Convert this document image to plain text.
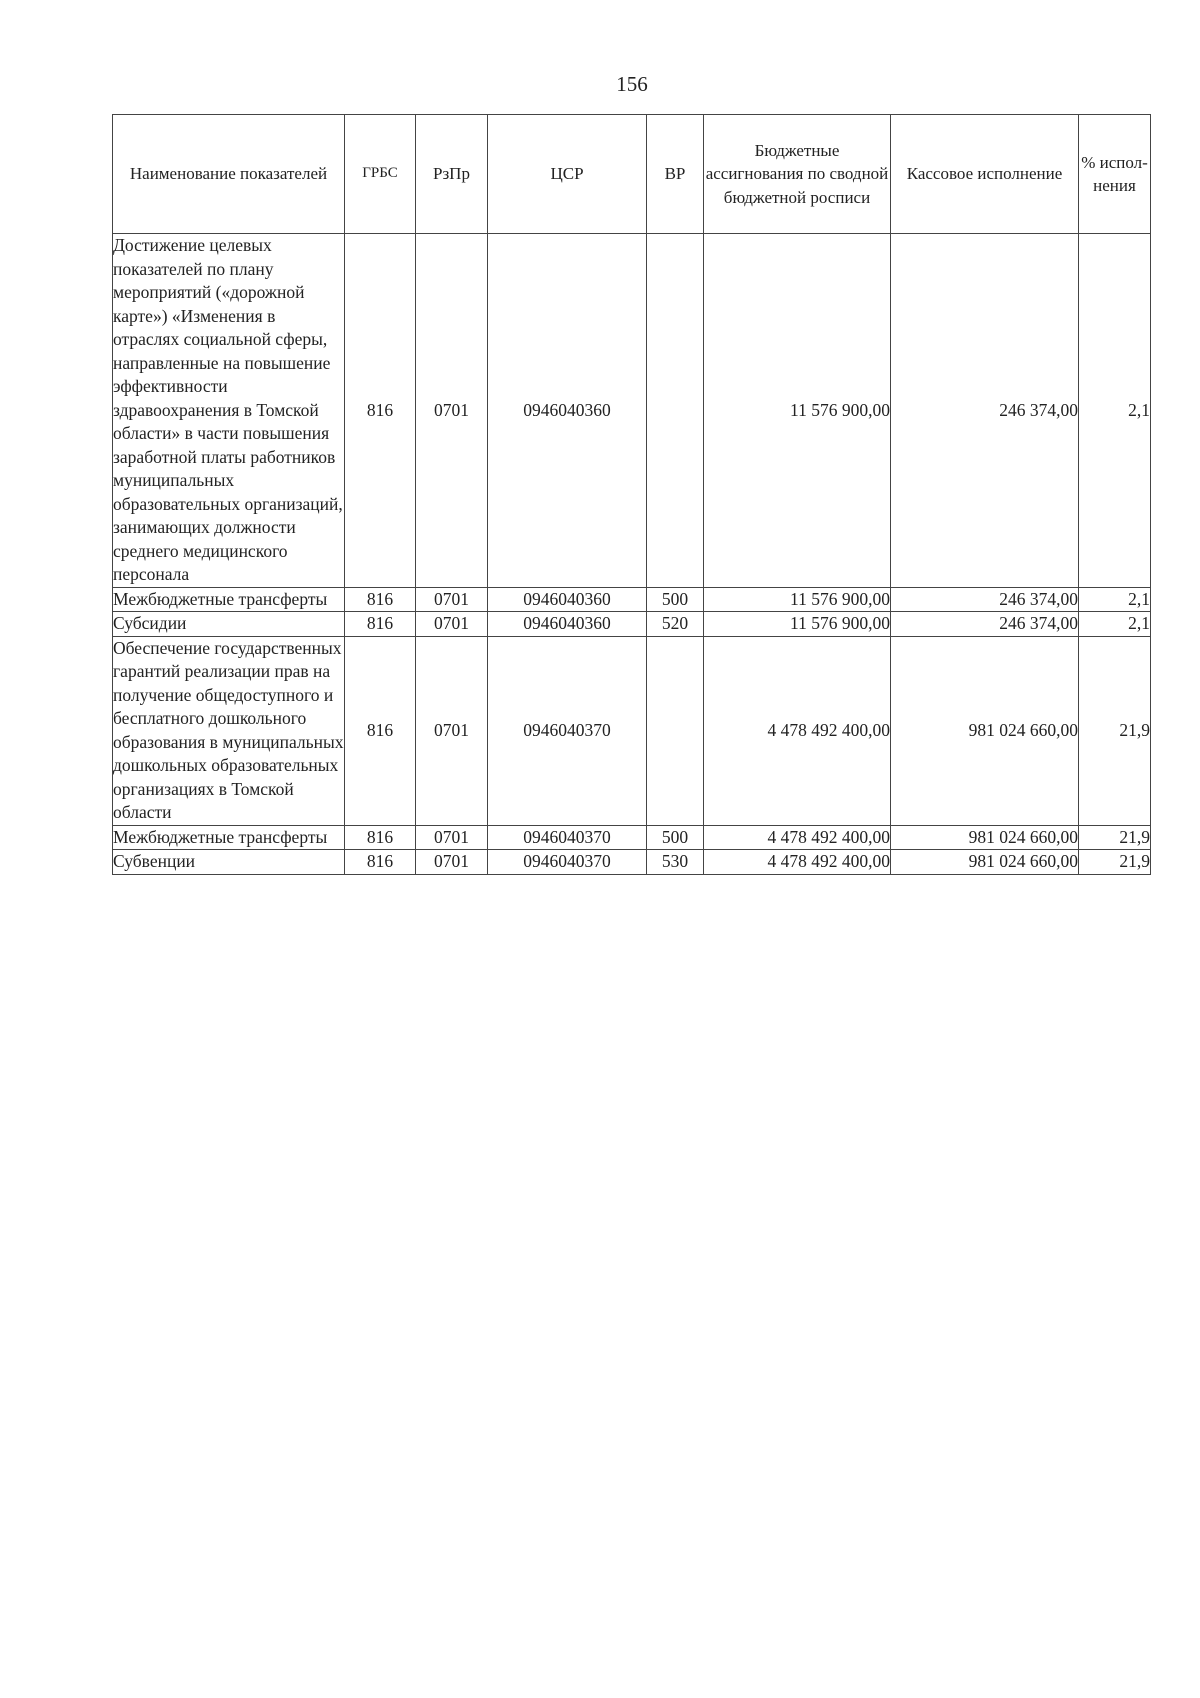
156
Наименование показателей	ГРБС	РзПр	ЦСР	ВР	Бюджетные ассигнования по сводной бюджетной росписи	Кассовое исполнение	% испол-нения
Достижение целевых показателей по плану мероприятий («дорожной карте») «Изменения в отраслях социальной сферы, направленные на повышение эффективности здравоохранения в Томской области» в части повышения заработной платы работников муниципальных образовательных организаций, занимающих должности среднего медицинского персонала	816	0701	0946040360		11 576 900,00	246 374,00	2,1
Межбюджетные трансферты	816	0701	0946040360	500	11 576 900,00	246 374,00	2,1
Субсидии	816	0701	0946040360	520	11 576 900,00	246 374,00	2,1
Обеспечение государственных гарантий реализации прав на получение общедоступного и бесплатного дошкольного образования в муниципальных дошкольных образовательных организациях в Томской области	816	0701	0946040370		4 478 492 400,00	981 024 660,00	21,9
Межбюджетные трансферты	816	0701	0946040370	500	4 478 492 400,00	981 024 660,00	21,9
Субвенции	816	0701	0946040370	530	4 478 492 400,00	981 024 660,00	21,9
